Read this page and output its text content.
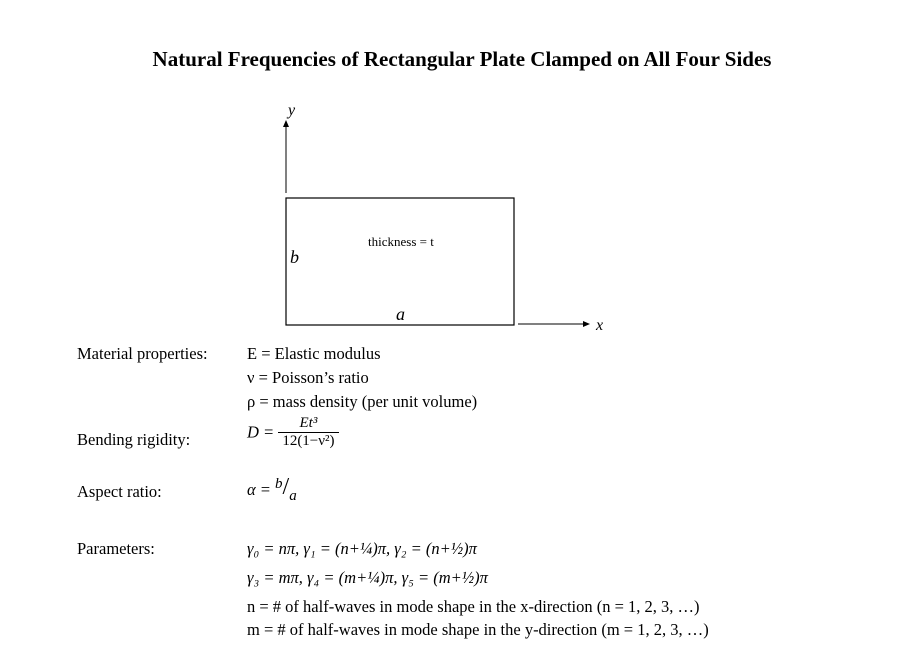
Natural Frequencies of Rectangular Plate Clamped on All Four Sides
y
x
b
a
thickness = t
Material properties: E = Elastic modulus
ν = Poisson’s ratio
ρ = mass density (per unit volume)
Bending rigidity:	$D = \frac{\text{Et³}}{\text{12(1−ν²)}}$
Aspect ratio:	α = b/a
Parameters:	γ₀ = nπ, γ₁ = (n+¼)π, γ₂ = (n+½)π
γ₃ = mπ, γ₄ = (m+¼)π, γ₅ = (m+½)π
n = # of half-waves in mode shape in the x-direction (n = 1, 2, 3, …)
m = # of half-waves in mode shape in the y-direction (m = 1, 2, 3, …)
